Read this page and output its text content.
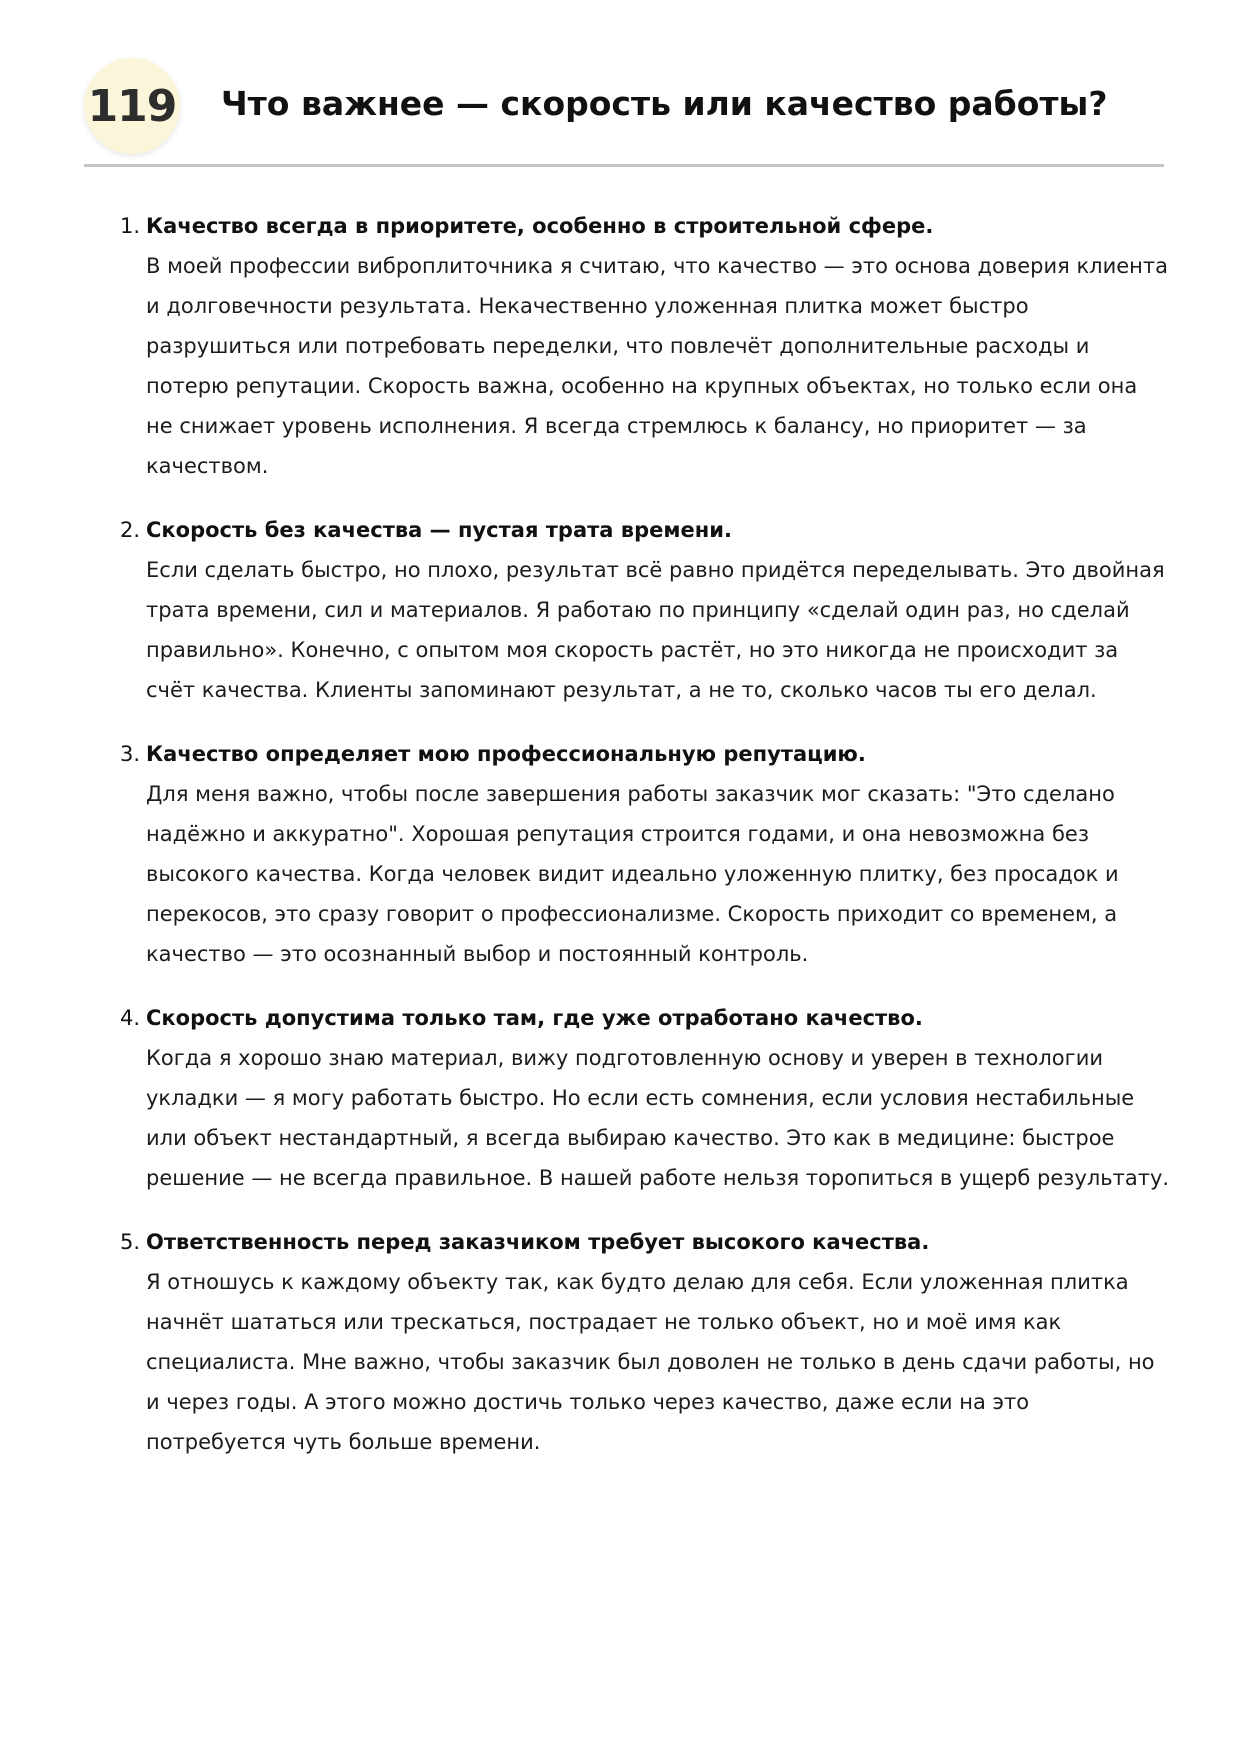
119 Что важнее — скорость или качество работы?
1. Качество всегда в приоритете, особенно в строительной сфере.
В моей профессии виброплиточника я считаю, что качество — это основа доверия клиента и долговечности результата. Некачественно уложенная плитка может быстро разрушиться или потребовать переделки, что повлечёт дополнительные расходы и потерю репутации. Скорость важна, особенно на крупных объектах, но только если она не снижает уровень исполнения. Я всегда стремлюсь к балансу, но приоритет — за качеством.
2. Скорость без качества — пустая трата времени.
Если сделать быстро, но плохо, результат всё равно придётся переделывать. Это двойная трата времени, сил и материалов. Я работаю по принципу «сделай один раз, но сделай правильно». Конечно, с опытом моя скорость растёт, но это никогда не происходит за счёт качества. Клиенты запоминают результат, а не то, сколько часов ты его делал.
3. Качество определяет мою профессиональную репутацию.
Для меня важно, чтобы после завершения работы заказчик мог сказать: "Это сделано надёжно и аккуратно". Хорошая репутация строится годами, и она невозможна без высокого качества. Когда человек видит идеально уложенную плитку, без просадок и перекосов, это сразу говорит о профессионализме. Скорость приходит со временем, а качество — это осознанный выбор и постоянный контроль.
4. Скорость допустима только там, где уже отработано качество.
Когда я хорошо знаю материал, вижу подготовленную основу и уверен в технологии укладки — я могу работать быстро. Но если есть сомнения, если условия нестабильные или объект нестандартный, я всегда выбираю качество. Это как в медицине: быстрое решение — не всегда правильное. В нашей работе нельзя торопиться в ущерб результату.
5. Ответственность перед заказчиком требует высокого качества.
Я отношусь к каждому объекту так, как будто делаю для себя. Если уложенная плитка начнёт шататься или трескаться, пострадает не только объект, но и моё имя как специалиста. Мне важно, чтобы заказчик был доволен не только в день сдачи работы, но и через годы. А этого можно достичь только через качество, даже если на это потребуется чуть больше времени.
